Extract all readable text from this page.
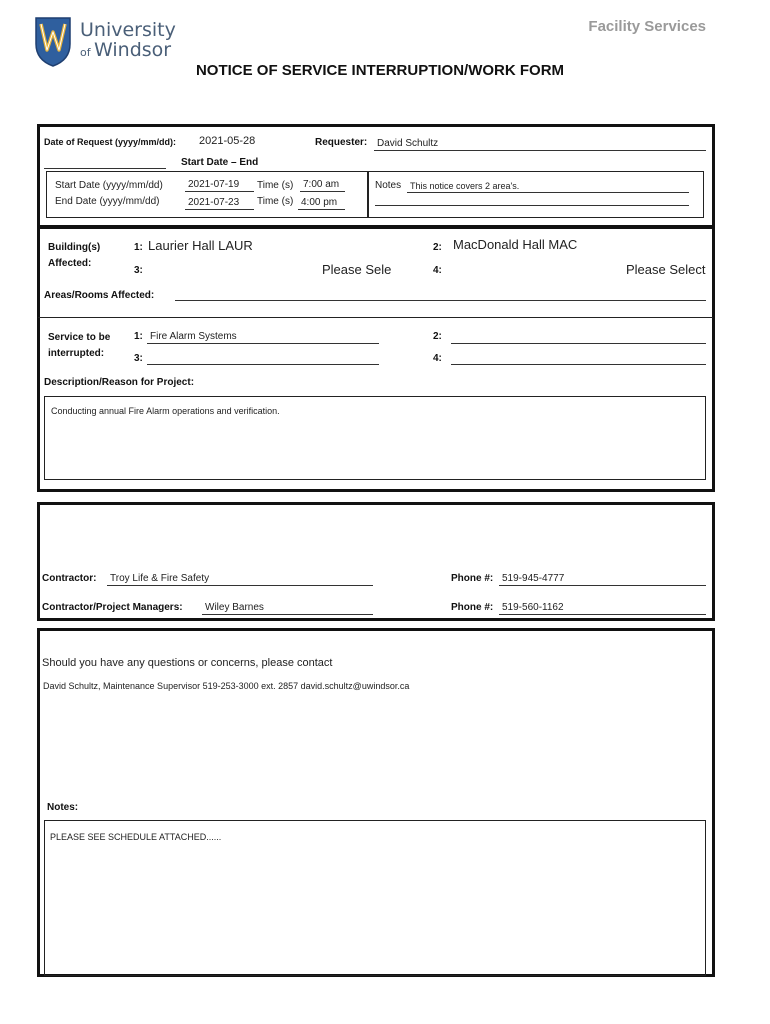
University
of Windsor
Facility Services
NOTICE OF SERVICE INTERRUPTION/WORK FORM
Date of Request (yyyy/mm/dd): 2021-05-28	Requester: David Schultz
Start Date – End
Start Date (yyyy/mm/dd)	2021-07-19	Time (s) 7:00 am
End Date (yyyy/mm/dd)	2021-07-23	Time (s) 4:00 pm
Notes This notice covers 2 area's.
Building(s)
Affected:
1: Laurier Hall LAUR	2: MacDonald Hall MAC
3:	Please Sele	4:	Please Select
Areas/Rooms Affected:
Service to be
interrupted:
1: Fire Alarm Systems	2:
3:	4:
Description/Reason for Project:
Conducting annual Fire Alarm operations and verification.
Contractor:	Troy Life & Fire Safety	Phone #: 519-945-4777
Contractor/Project Managers:	Wiley Barnes	Phone #: 519-560-1162
Should you have any questions or concerns, please contact
David Schultz, Maintenance Supervisor 519-253-3000 ext. 2857 david.schultz@uwindsor.ca
Notes:
PLEASE SEE SCHEDULE ATTACHED......
